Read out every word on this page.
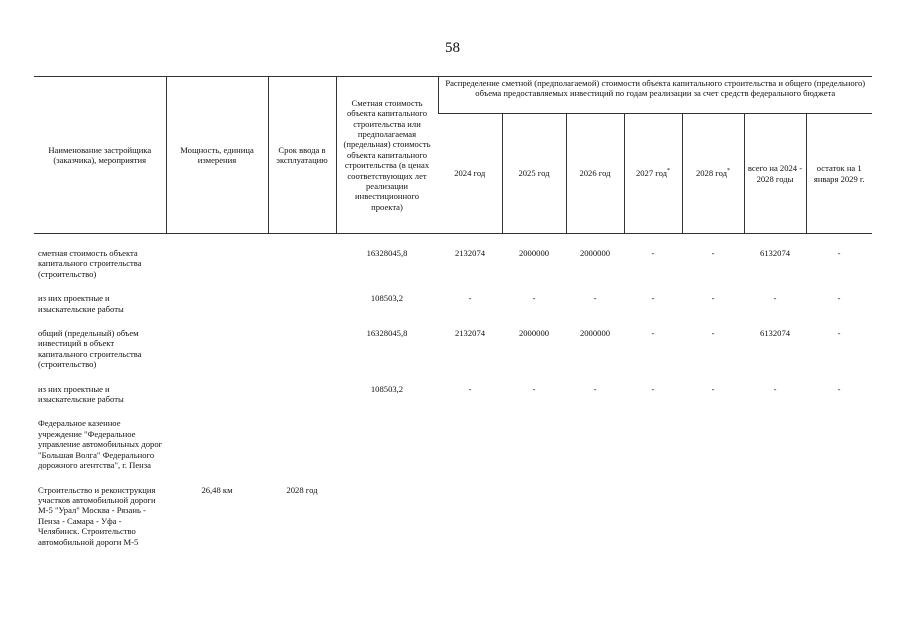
58
Наименование застройщика (заказчика), мероприятия	Мощность, единица измерения	Срок ввода в эксплуатацию	Сметная стоимость объекта капитального строительства или предполагаемая (предельная) стоимость объекта капитального строительства (в ценах соответствующих лет реализации инвестиционного проекта)	Распределение сметной (предполагаемой) стоимости объекта капитального строительства и общего (предельного) объема предоставляемых инвестиций по годам реализации за счет средств федерального бюджета						
				2024 год	2025 год	2026 год	2027 год*	2028 год*	всего на 2024 - 2028 годы	остаток на 1 января 2029 г.
сметная стоимость объекта капитального строительства (строительство)			16328045,8	2132074	2000000	2000000	-	-	6132074	-
из них проектные и изыскательские работы			108503,2	-	-	-	-	-	-	-
общий (предельный) объем инвестиций в объект капитального строительства (строительство)			16328045,8	2132074	2000000	2000000	-	-	6132074	-
из них проектные и изыскательские работы			108503,2	-	-	-	-	-	-	-
Федеральное казенное учреждение "Федеральное управление автомобильных дорог "Большая Волга" Федерального дорожного агентства", г. Пенза										
Строительство и реконструкция участков автомобильной дороги М-5 "Урал" Москва - Рязань - Пенза - Самара - Уфа - Челябинск. Строительство автомобильной дороги М-5	26,48 км	2028 год								
